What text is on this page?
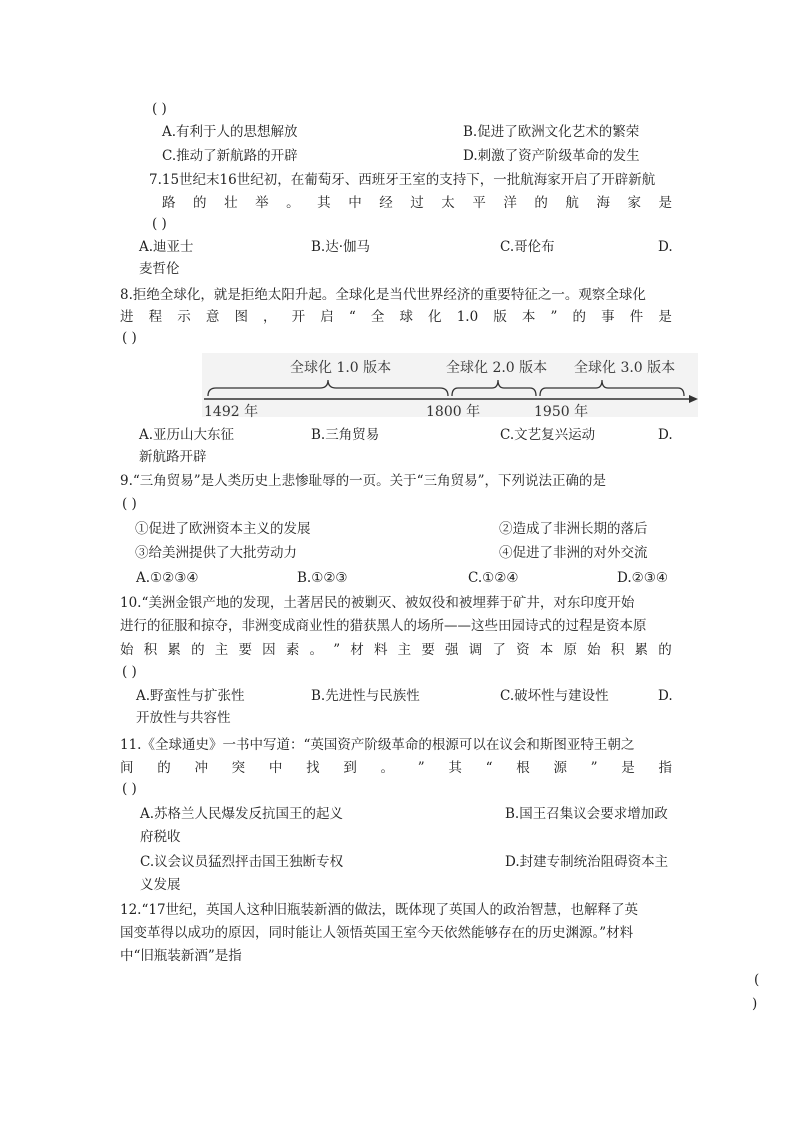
( )
A.有利于人的思想解放	B.促进了欧洲文化艺术的繁荣
C.推动了新航路的开辟	D.刺激了资产阶级革命的发生
7.15世纪末16世纪初，在葡萄牙、西班牙王室的支持下，一批航海家开启了开辟新航
路 的 壮 举 。 其 中 经 过 太 平 洋 的 航 海 家 是
( )
A.迪亚士	B.达·伽马	C.哥伦布	D.
麦哲伦
8.拒绝全球化，就是拒绝太阳升起。全球化是当代世界经济的重要特征之一。观察全球化
进 程 示 意 图 ， 开 启 “ 全 球 化 1.0 版 本 ” 的 事 件 是
( )
全球化 1.0 版本	全球化 2.0 版本 全球化 3.0 版本
1492 年	1800 年	1950 年
A.亚历山大东征	B.三角贸易	C.文艺复兴运动	D.
新航路开辟
9.“三角贸易”是人类历史上悲惨耻辱的一页。关于“三角贸易”，下列说法正确的是
( )
①促进了欧洲资本主义的发展	②造成了非洲长期的落后
③给美洲提供了大批劳动力	④促进了非洲的对外交流
A.①②③④	B.①②③	C.①②④	D.②③④
10.“美洲金银产地的发现，土著居民的被剿灭、被奴役和被埋葬于矿井，对东印度开始
进行的征服和掠夺，非洲变成商业性的猎获黑人的场所——这些田园诗式的过程是资本原
始 积 累 的 主 要 因 素 。 ” 材 料 主 要 强 调 了 资 本 原 始 积 累 的
( )
A.野蛮性与扩张性	B.先进性与民族性	C.破坏性与建设性	D.
开放性与共容性
11.《全球通史》一书中写道：“英国资产阶级革命的根源可以在议会和斯图亚特王朝之
间 的 冲 突 中 找 到 。 ” 其 “ 根 源 ” 是 指
( )
A.苏格兰人民爆发反抗国王的起义	B.国王召集议会要求增加政
府税收
C.议会议员猛烈抨击国王独断专权	D.封建专制统治阻碍资本主
义发展
12.“17世纪，英国人这种旧瓶装新酒的做法，既体现了英国人的政治智慧，也解释了英
国变革得以成功的原因，同时能让人领悟英国王室今天依然能够存在的历史渊源。”材料
中“旧瓶装新酒”是指
(
)
